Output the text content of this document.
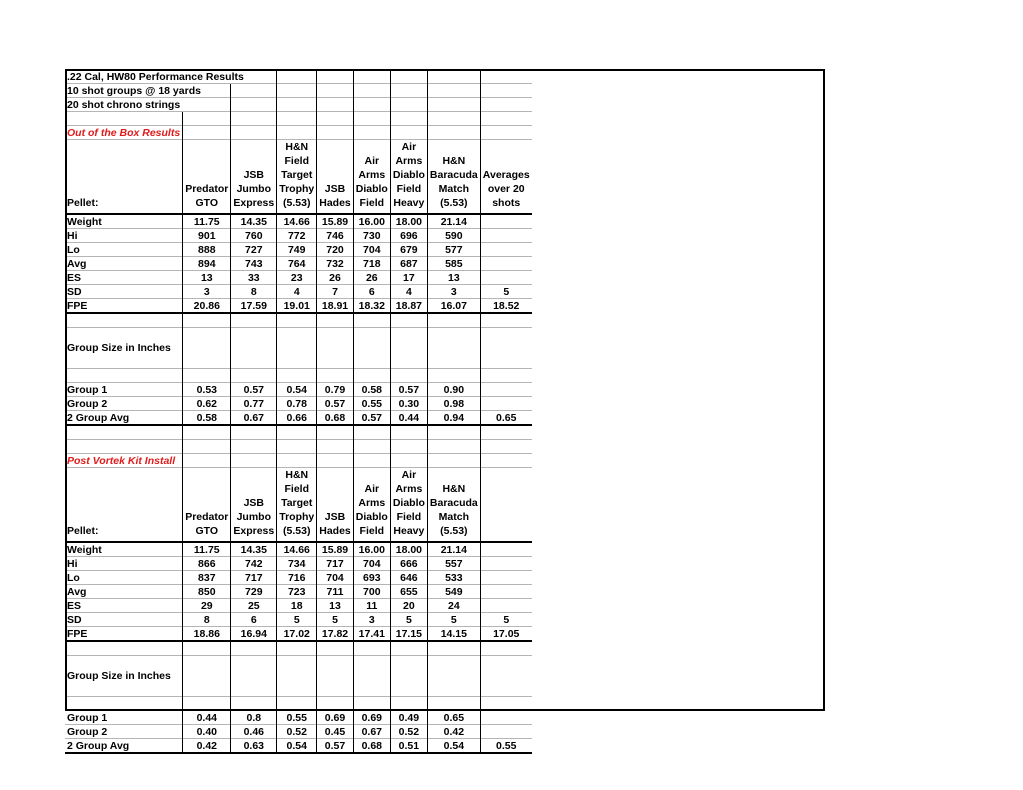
.22 Cal, HW80 Performance Results								
10 shot groups @ 18 yards								
20 shot chrono strings								

Out of the Box Results								
Pellet:	Predator GTO	JSB Jumbo Express	H&N Field Target Trophy (5.53)	JSB Hades	Air Arms Diablo Field	Air Arms Diablo Field Heavy	H&N Baracuda Match (5.53)	Averages over 20 shots
Weight	11.75	14.35	14.66	15.89	16.00	18.00	21.14	
Hi	901	760	772	746	730	696	590	
Lo	888	727	749	720	704	679	577	
Avg	894	743	764	732	718	687	585	
ES	13	33	23	26	26	17	13	
SD	3	8	4	7	6	4	3	5
FPE	20.86	17.59	19.01	18.91	18.32	18.87	16.07	18.52

Group Size in Inches								

Group 1	0.53	0.57	0.54	0.79	0.58	0.57	0.90	
Group 2	0.62	0.77	0.78	0.57	0.55	0.30	0.98	
2 Group Avg	0.58	0.67	0.66	0.68	0.57	0.44	0.94	0.65

Post Vortek Kit Install								
Pellet:	Predator GTO	JSB Jumbo Express	H&N Field Target Trophy (5.53)	JSB Hades	Air Arms Diablo Field	Air Arms Diablo Field Heavy	H&N Baracuda Match (5.53)	
Weight	11.75	14.35	14.66	15.89	16.00	18.00	21.14	
Hi	866	742	734	717	704	666	557	
Lo	837	717	716	704	693	646	533	
Avg	850	729	723	711	700	655	549	
ES	29	25	18	13	11	20	24	
SD	8	6	5	5	3	5	5	5
FPE	18.86	16.94	17.02	17.82	17.41	17.15	14.15	17.05

Group Size in Inches								

Group 1	0.44	0.8	0.55	0.69	0.69	0.49	0.65	
Group 2	0.40	0.46	0.52	0.45	0.67	0.52	0.42	
2 Group Avg	0.42	0.63	0.54	0.57	0.68	0.51	0.54	0.55
